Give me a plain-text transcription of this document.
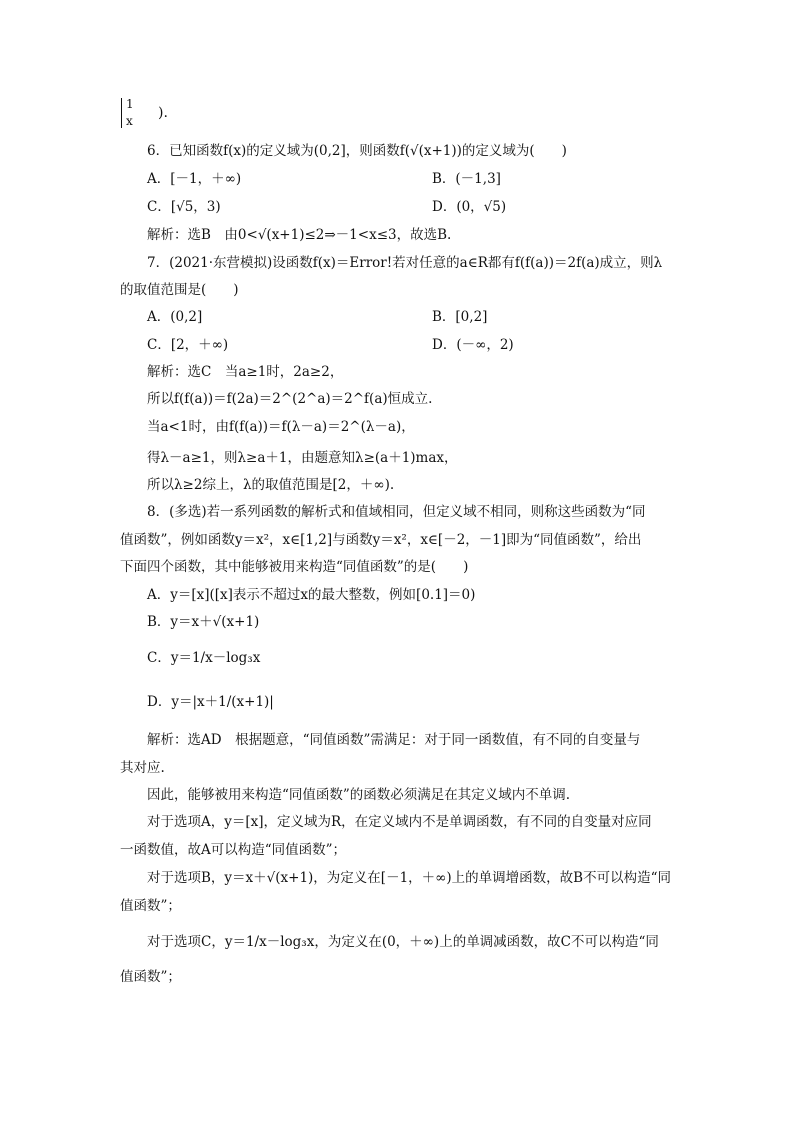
1
x ).
6．已知函数f(x)的定义域为(0,2]，则函数f(√(x+1))的定义域为(　　)
A．[－1，＋∞)	B．(－1,3]
C．[√5，3)	D．(0，√5)
解析：选B　由0<√(x+1)≤2⇒－1<x≤3，故选B.
7．(2021·东营模拟)设函数f(x)＝Error!若对任意的a∈R都有f(f(a))＝2f(a)成立，则λ
的取值范围是(　　)
A．(0,2]	B．[0,2]
C．[2，＋∞)	D．(－∞，2)
解析：选C　当a≥1时，2a≥2，
所以f(f(a))＝f(2a)＝2^(2^a)＝2^f(a)恒成立.
当a<1时，由f(f(a))＝f(λ－a)＝2^(λ－a)，
得λ－a≥1，则λ≥a＋1，由题意知λ≥(a＋1)max，
所以λ≥2综上，λ的取值范围是[2，＋∞).
8．(多选)若一系列函数的解析式和值域相同，但定义域不相同，则称这些函数为“同
值函数”，例如函数y＝x²，x∈[1,2]与函数y＝x²，x∈[－2，－1]即为“同值函数”，给出
下面四个函数，其中能够被用来构造“同值函数”的是(　　)
A．y＝[x]([x]表示不超过x的最大整数，例如[0.1]＝0)
B．y＝x＋√(x+1)
C．y＝1/x－log₃x
D．y＝|x＋1/(x+1)|
解析：选AD　根据题意，“同值函数”需满足：对于同一函数值，有不同的自变量与
其对应.
因此，能够被用来构造“同值函数”的函数必须满足在其定义域内不单调.
对于选项A，y＝[x]，定义域为R，在定义域内不是单调函数，有不同的自变量对应同
一函数值，故A可以构造“同值函数”；
对于选项B，y＝x＋√(x+1)，为定义在[－1，＋∞)上的单调增函数，故B不可以构造“同
值函数”；
对于选项C，y＝1/x－log₃x，为定义在(0，＋∞)上的单调减函数，故C不可以构造“同
值函数”；
